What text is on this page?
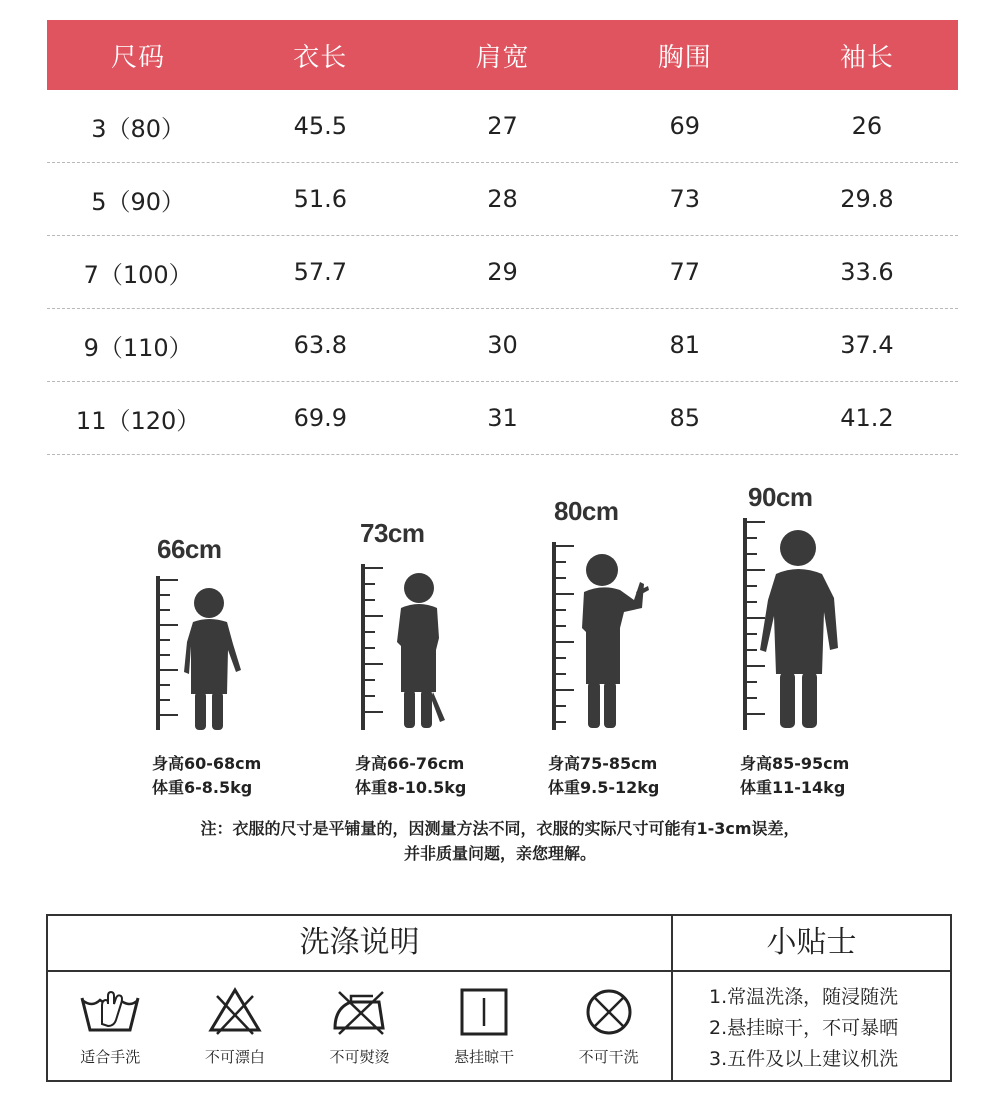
尺码	衣长	肩宽	胸围	袖长
3（80）	45.5	27	69	26
5（90）	51.6	28	73	29.8
7（100）	57.7	29	77	33.6
9（110）	63.8	30	81	37.4
11（120）	69.9	31	85	41.2
66cm
身高60-68cm
体重6-8.5kg
73cm
身高66-76cm
体重8-10.5kg
80cm
身高75-85cm
体重9.5-12kg
90cm
身高85-95cm
体重11-14kg
注：衣服的尺寸是平铺量的，因测量方法不同，衣服的实际尺寸可能有1-3cm误差，
并非质量问题，亲您理解。
洗涤说明	小贴士
适合手洗	不可漂白	不可熨烫	悬挂晾干	不可干洗
1.常温洗涤，随浸随洗
2.悬挂晾干，不可暴晒
3.五件及以上建议机洗
